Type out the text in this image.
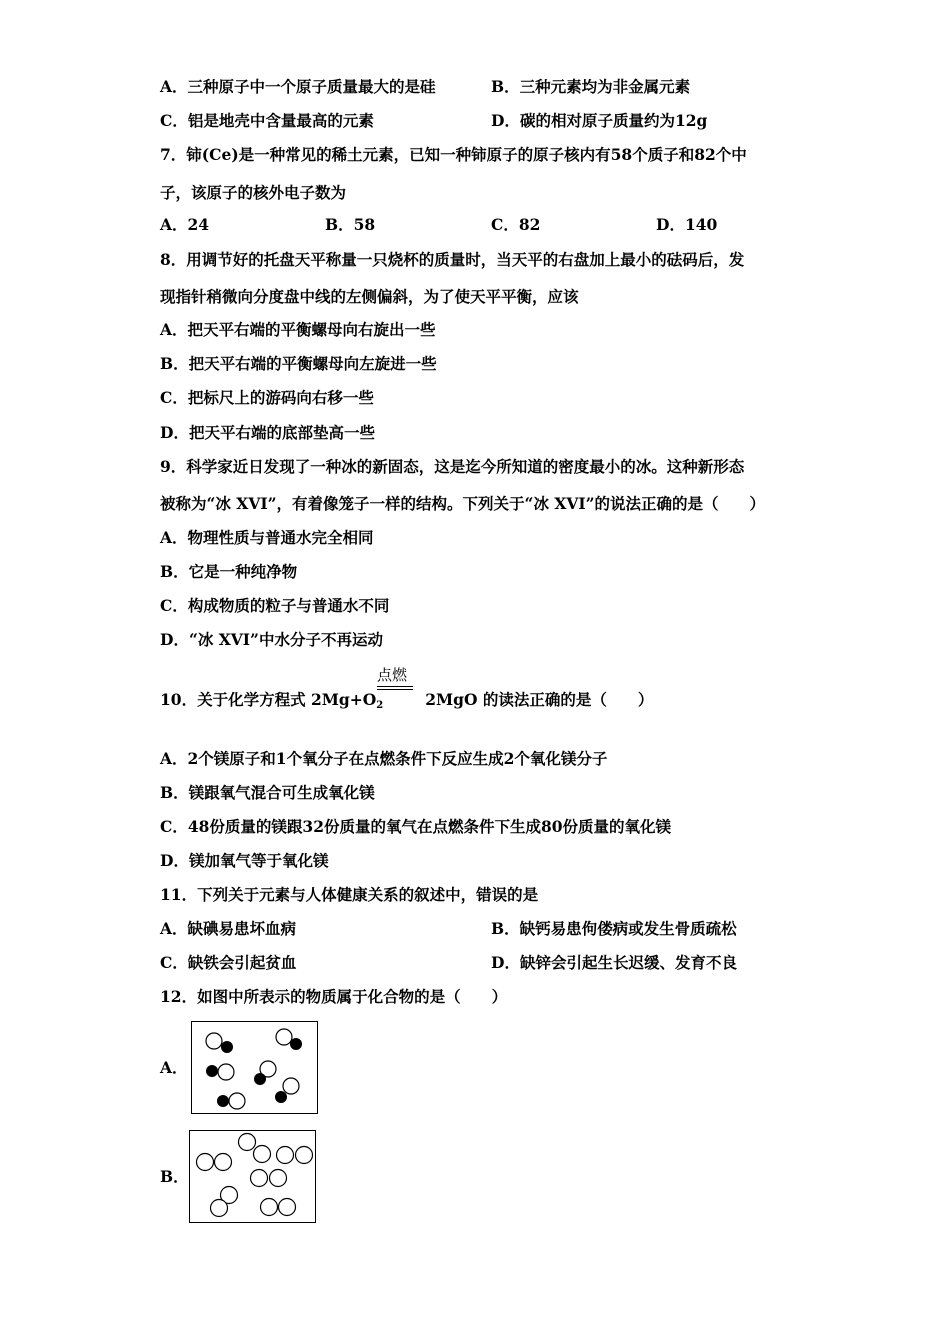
A．三种原子中一个原子质量最大的是硅	B．三种元素均为非金属元素
C．铝是地壳中含量最高的元素	D．碳的相对原子质量约为12g
7．铈(Ce)是一种常见的稀土元素，已知一种铈原子的原子核内有58个质子和82个中
子，该原子的核外电子数为
A．24	B．58	C．82	D．140
8．用调节好的托盘天平称量一只烧杯的质量时，当天平的右盘加上最小的砝码后，发
现指针稍微向分度盘中线的左侧偏斜，为了使天平平衡，应该
A．把天平右端的平衡螺母向右旋出一些
B．把天平右端的平衡螺母向左旋进一些
C．把标尺上的游码向右移一些
D．把天平右端的底部垫高一些
9．科学家近日发现了一种冰的新固态，这是迄今所知道的密度最小的冰。这种新形态
被称为“冰 XVI”，有着像笼子一样的结构。下列关于“冰 XVI”的说法正确的是（　　）
A．物理性质与普通水完全相同
B．它是一种纯净物
C．构成物质的粒子与普通水不同
D．“冰 XVI”中水分子不再运动
10．关于化学方程式 $2Mg+O_2$	2MgO 的读法正确的是（　　）
点燃
A．2个镁原子和1个氧分子在点燃条件下反应生成2个氧化镁分子
B．镁跟氧气混合可生成氧化镁
C．48份质量的镁跟32份质量的氧气在点燃条件下生成80份质量的氧化镁
D．镁加氧气等于氧化镁
11．下列关于元素与人体健康关系的叙述中，错误的是
A．缺碘易患坏血病	B．缺钙易患佝偻病或发生骨质疏松
C．缺铁会引起贫血	D．缺锌会引起生长迟缓、发育不良
12．如图中所表示的物质属于化合物的是（　　）
A．
B．
